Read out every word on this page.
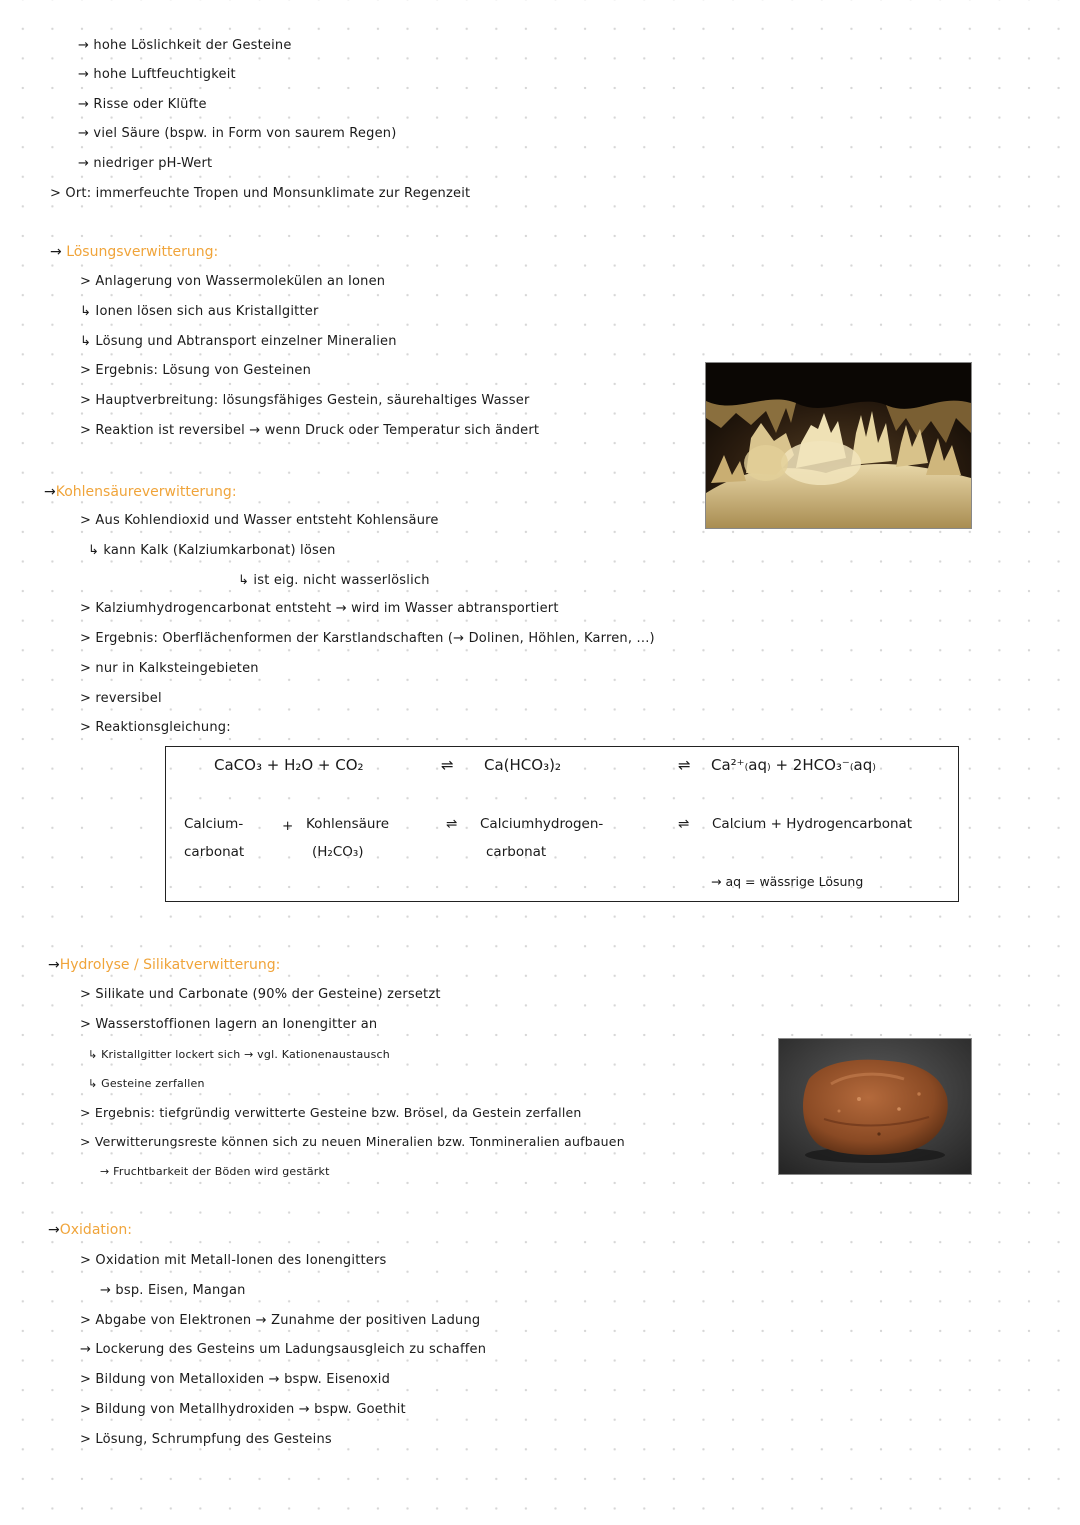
→ hohe Löslichkeit der Gesteine
→ hohe Luftfeuchtigkeit
→ Risse oder Klüfte
→ viel Säure (bspw. in Form von saurem Regen)
→ niedriger pH-Wert
> Ort: immerfeuchte Tropen und Monsunklimate zur Regenzeit
→ Lösungsverwitterung:
> Anlagerung von Wassermolekülen an Ionen
↳ Ionen lösen sich aus Kristallgitter
↳ Lösung und Abtransport einzelner Mineralien
> Ergebnis: Lösung von Gesteinen
> Hauptverbreitung: lösungsfähiges Gestein, säurehaltiges Wasser
> Reaktion ist reversibel → wenn Druck oder Temperatur sich ändert
→Kohlensäureverwitterung:
> Aus Kohlendioxid und Wasser entsteht Kohlensäure
↳ kann Kalk (Kalziumkarbonat) lösen
↳ ist eig. nicht wasserlöslich
> Kalziumhydrogencarbonat entsteht → wird im Wasser abtransportiert
> Ergebnis: Oberflächenformen der Karstlandschaften (→ Dolinen, Höhlen, Karren, ...)
> nur in Kalksteingebieten
> reversibel
> Reaktionsgleichung:
CaCO₃ + H₂O + CO₂	⇌ Ca(HCO₃)₂	⇌ Ca²⁺₍aq₎ + 2HCO₃⁻₍aq₎
Calcium-
carbonat
+ Kohlensäure
(H₂CO₃)
⇌ Calciumhydrogen-
carbonat
⇌ Calcium + Hydrogencarbonat
→ aq = wässrige Lösung
→Hydrolyse / Silikatverwitterung:
> Silikate und Carbonate (90% der Gesteine) zersetzt
> Wasserstoffionen lagern an Ionengitter an
↳ Kristallgitter lockert sich → vgl. Kationenaustausch
↳ Gesteine zerfallen
> Ergebnis: tiefgründig verwitterte Gesteine bzw. Brösel, da Gestein zerfallen
> Verwitterungsreste können sich zu neuen Mineralien bzw. Tonmineralien aufbauen
→ Fruchtbarkeit der Böden wird gestärkt
→Oxidation:
> Oxidation mit Metall-Ionen des Ionengitters
→ bsp. Eisen, Mangan
> Abgabe von Elektronen → Zunahme der positiven Ladung
→ Lockerung des Gesteins um Ladungsausgleich zu schaffen
> Bildung von Metalloxiden → bspw. Eisenoxid
> Bildung von Metallhydroxiden → bspw. Goethit
> Lösung, Schrumpfung des Gesteins
